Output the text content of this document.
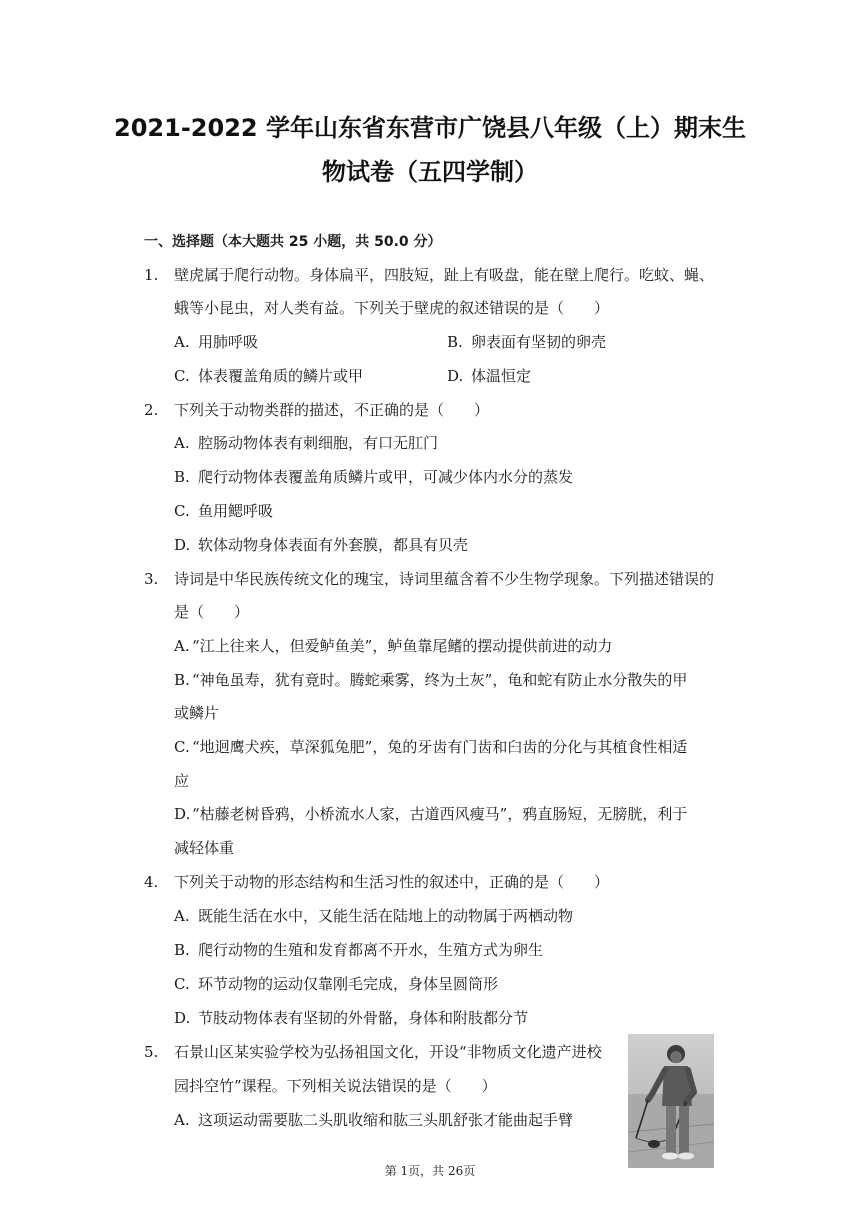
2021-2022 学年山东省东营市广饶县八年级（上）期末生
物试卷（五四学制）
一、选择题（本大题共 25 小题，共 50.0 分）
1. 壁虎属于爬行动物。身体扁平，四肢短，趾上有吸盘，能在壁上爬行。吃蚊、蝇、
蛾等小昆虫，对人类有益。下列关于壁虎的叙述错误的是（　　）
A. 用肺呼吸	B. 卵表面有坚韧的卵壳
C. 体表覆盖角质的鳞片或甲	D. 体温恒定
2. 下列关于动物类群的描述，不正确的是（　　）
A. 腔肠动物体表有刺细胞，有口无肛门
B. 爬行动物体表覆盖角质鳞片或甲，可减少体内水分的蒸发
C. 鱼用鳃呼吸
D. 软体动物身体表面有外套膜，都具有贝壳
3. 诗词是中华民族传统文化的瑰宝，诗词里蕴含着不少生物学现象。下列描述错误的
是（　　）
A. “江上往来人，但爱鲈鱼美”，鲈鱼靠尾鳍的摆动提供前进的动力
B. “神龟虽寿，犹有竟时。腾蛇乘雾，终为土灰”，龟和蛇有防止水分散失的甲
或鳞片
C. “地迥鹰犬疾，草深狐兔肥”，兔的牙齿有门齿和臼齿的分化与其植食性相适
应
D. “枯藤老树昏鸦，小桥流水人家，古道西风瘦马”，鸦直肠短，无膀胱，利于
减轻体重
4. 下列关于动物的形态结构和生活习性的叙述中，正确的是（　　）
A. 既能生活在水中，又能生活在陆地上的动物属于两栖动物
B. 爬行动物的生殖和发育都离不开水，生殖方式为卵生
C. 环节动物的运动仅靠刚毛完成，身体呈圆筒形
D. 节肢动物体表有坚韧的外骨骼，身体和附肢都分节
5. 石景山区某实验学校为弘扬祖国文化，开设“非物质文化遗产进校
园抖空竹”课程。下列相关说法错误的是（　　）
A. 这项运动需要肱二头肌收缩和肱三头肌舒张才能曲起手臂
第 1页，共 26页
